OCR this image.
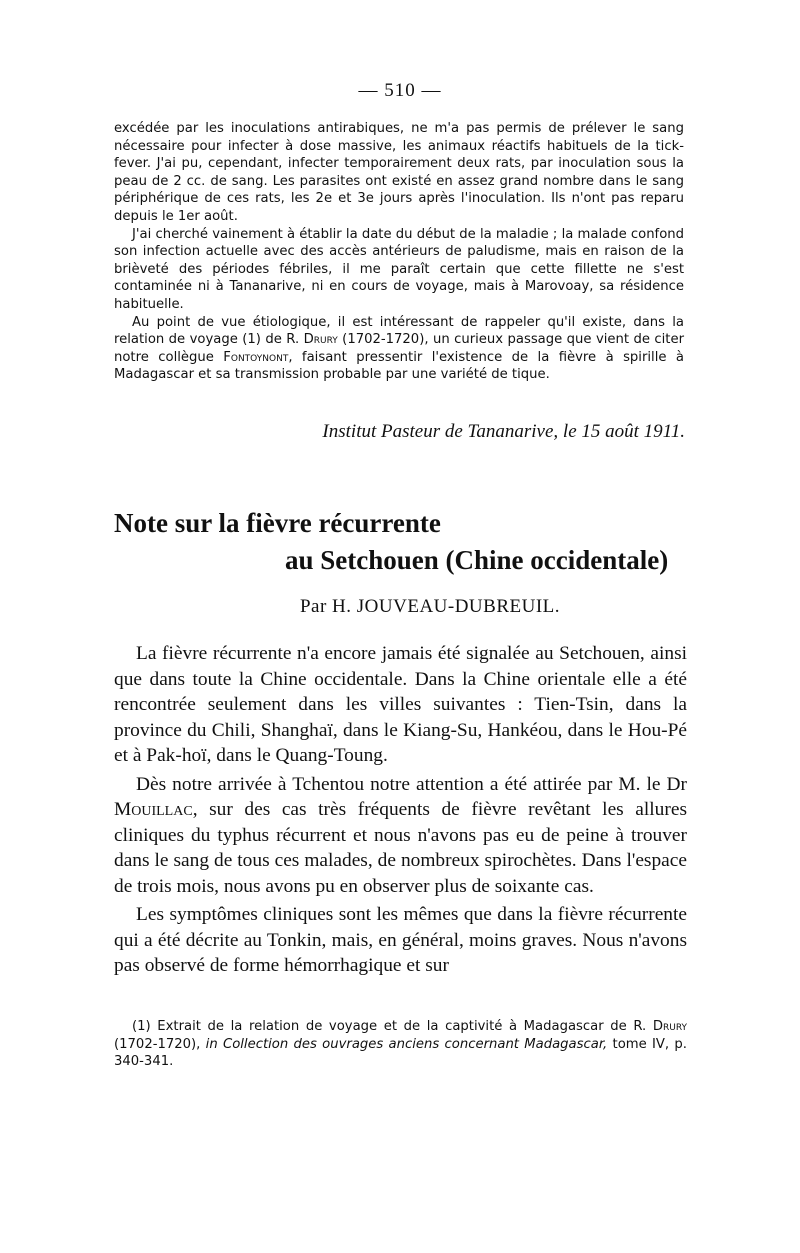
— 510 —

excédée par les inoculations antirabiques, ne m'a pas permis de prélever le sang nécessaire pour infecter à dose massive, les animaux réactifs habituels de la tick-fever. J'ai pu, cependant, infecter temporairement deux rats, par inoculation sous la peau de 2 cc. de sang. Les parasites ont existé en assez grand nombre dans le sang périphérique de ces rats, les 2e et 3e jours après l'inoculation. Ils n'ont pas reparu depuis le 1er août.

J'ai cherché vainement à établir la date du début de la maladie ; la malade confond son infection actuelle avec des accès antérieurs de paludisme, mais en raison de la brièveté des périodes fébriles, il me paraît certain que cette fillette ne s'est contaminée ni à Tananarive, ni en cours de voyage, mais à Marovoay, sa résidence habituelle.

Au point de vue étiologique, il est intéressant de rappeler qu'il existe, dans la relation de voyage (1) de R. Drury (1702-1720), un curieux passage que vient de citer notre collègue Fontoynont, faisant pressentir l'existence de la fièvre à spirille à Madagascar et sa transmission probable par une variété de tique.

Institut Pasteur de Tananarive, le 15 août 1911.
Note sur la fièvre récurrente
au Setchouen (Chine occidentale)
Par H. JOUVEAU-DUBREUIL.

La fièvre récurrente n'a encore jamais été signalée au Setchouen, ainsi que dans toute la Chine occidentale. Dans la Chine orientale elle a été rencontrée seulement dans les villes suivantes : Tien-Tsin, dans la province du Chili, Shanghaï, dans le Kiang-Su, Hankéou, dans le Hou-Pé et à Pak-hoï, dans le Quang-Toung.

Dès notre arrivée à Tchentou notre attention a été attirée par M. le Dr Mouillac, sur des cas très fréquents de fièvre revêtant les allures cliniques du typhus récurrent et nous n'avons pas eu de peine à trouver dans le sang de tous ces malades, de nombreux spirochètes. Dans l'espace de trois mois, nous avons pu en observer plus de soixante cas.

Les symptômes cliniques sont les mêmes que dans la fièvre récurrente qui a été décrite au Tonkin, mais, en général, moins graves. Nous n'avons pas observé de forme hémorrhagique et sur

(1) Extrait de la relation de voyage et de la captivité à Madagascar de R. Drury (1702-1720), in Collection des ouvrages anciens concernant Madagascar, tome IV, p. 340-341.
